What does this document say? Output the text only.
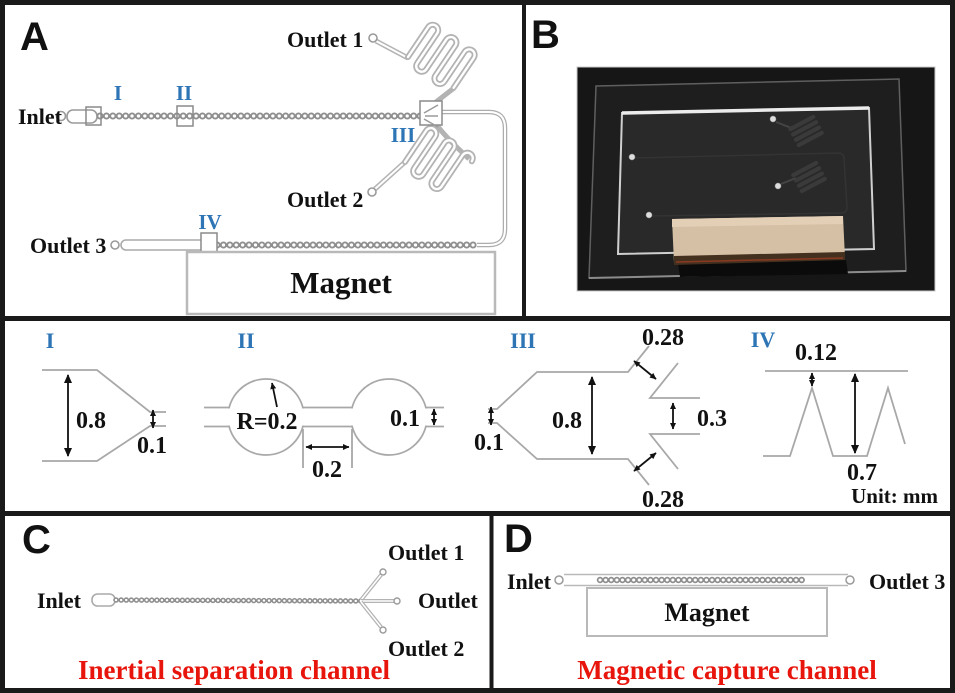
A
I	II
III
IV
Magnet
Inlet
Outlet 1
Outlet 2
Outlet 3
B
I
0.8
0.1
II
R=0.2	0.1
0.2
III
0.1
0.8
0.28
0.3
0.28
IV
0.12
0.7
Unit: mm
C
Inlet
Outlet 1
Outlet
Outlet 2
Inertial separation channel
D
Magnet
Inlet	Outlet 3
Magnetic capture channel
